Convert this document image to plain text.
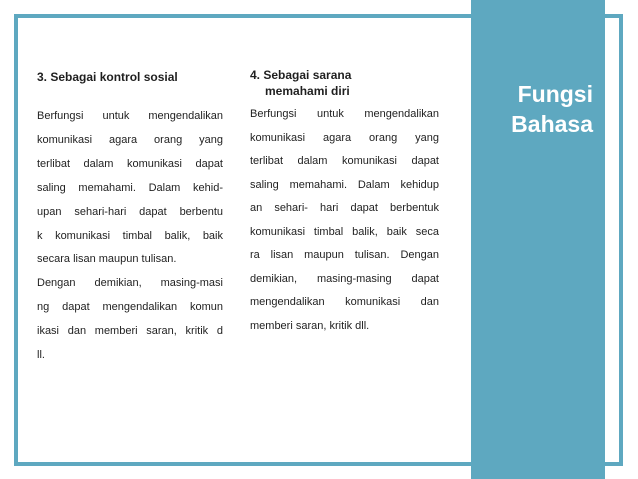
Fungsi
Bahasa
3. Sebagai kontrol sosial
Berfungsi untuk mengendalikan
komunikasi agara orang yang
terlibat dalam komunikasi dapat
saling memahami. Dalam kehid-
upan sehari-hari dapat berbentu
k komunikasi timbal balik, baik
secara lisan maupun tulisan.
Dengan demikian, masing-masi
ng dapat mengendalikan komun
ikasi dan memberi saran, kritik d
ll.
4. Sebagai sarana
memahami diri
Berfungsi untuk mengendalikan
komunikasi agara orang yang
terlibat dalam komunikasi dapat
saling memahami. Dalam kehidup
an sehari- hari dapat berbentuk
komunikasi timbal balik, baik seca
ra lisan maupun tulisan. Dengan
demikian, masing-masing dapat
mengendalikan komunikasi dan
memberi saran, kritik dll.
